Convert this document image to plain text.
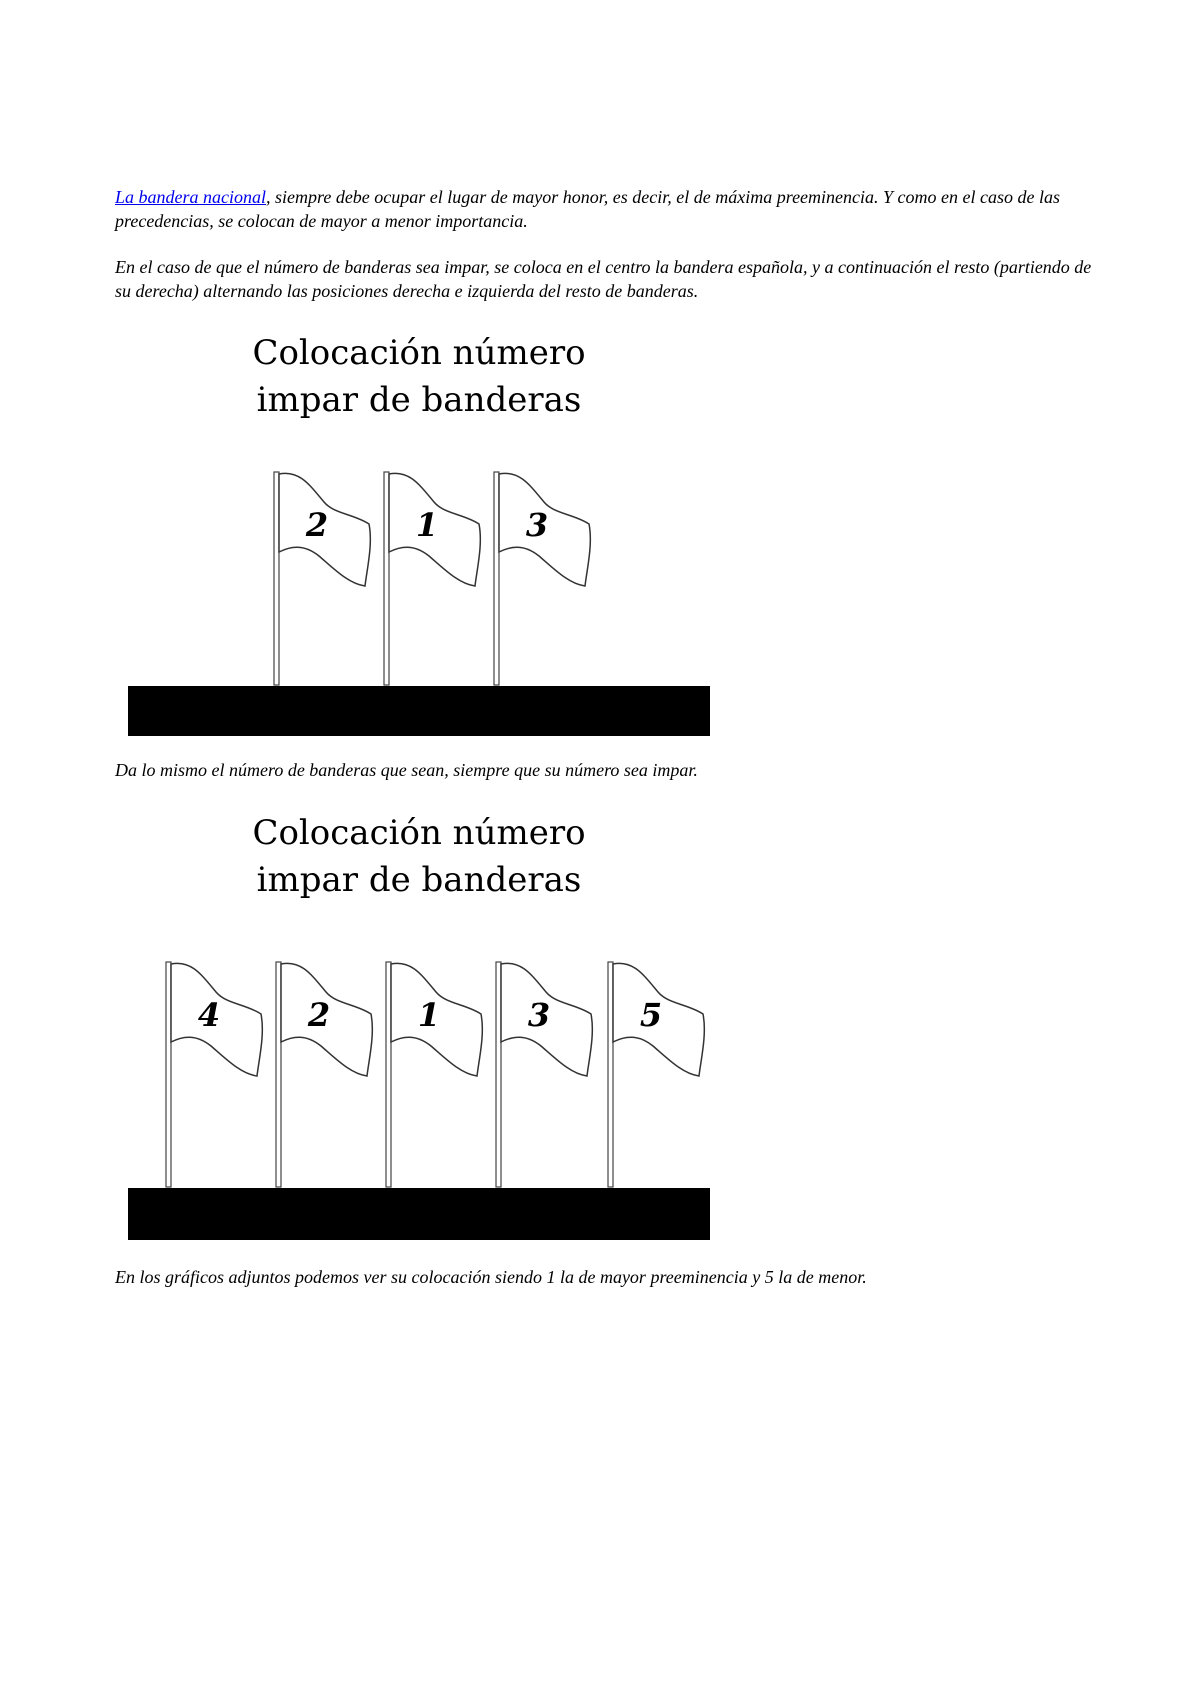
La bandera nacional, siempre debe ocupar el lugar de mayor honor, es decir, el de máxima preeminencia. Y como en el caso de las precedencias, se colocan de mayor a menor importancia.

En el caso de que el número de banderas sea impar, se coloca en el centro la bandera española, y a continuación el resto (partiendo de su derecha) alternando las posiciones derecha e izquierda del resto de banderas.

Colocación número
impar de banderas
2	1	3

Da lo mismo el número de banderas que sean, siempre que su número sea impar.

Colocación número
impar de banderas
4	2	1	3	5

En los gráficos adjuntos podemos ver su colocación siendo 1 la de mayor preeminencia y 5 la de menor.
